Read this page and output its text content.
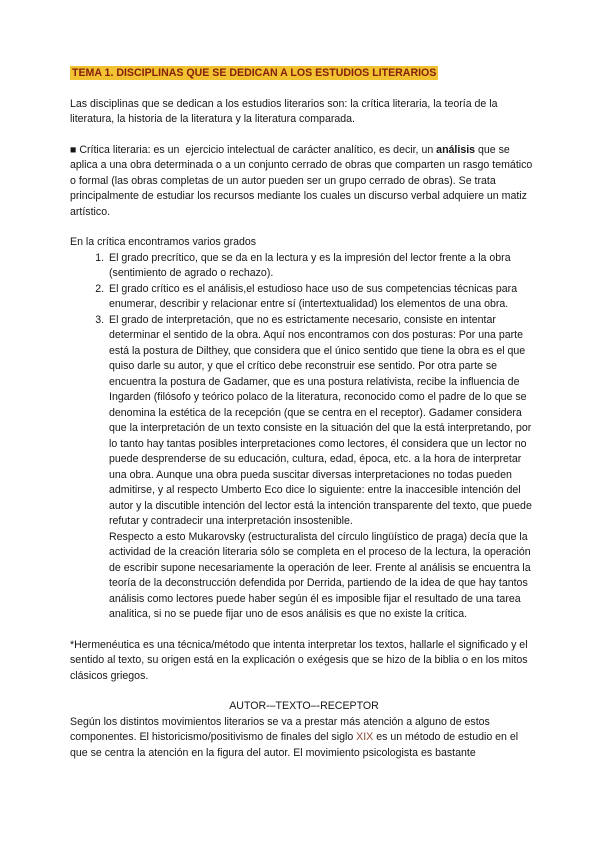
TEMA 1. DISCIPLINAS QUE SE DEDICAN A LOS ESTUDIOS LITERARIOS

Las disciplinas que se dedican a los estudios literarios son: la crítica literaria, la teoría de la literatura, la historia de la literatura y la literatura comparada.

■ Crítica literaria: es un  ejercicio intelectual de carácter analítico, es decir, un análisis que se aplica a una obra determinada o a un conjunto cerrado de obras que comparten un rasgo temático o formal (las obras completas de un autor pueden ser un grupo cerrado de obras). Se trata principalmente de estudiar los recursos mediante los cuales un discurso verbal adquiere un matiz artístico.

En la crítica encontramos varios grados

1. El grado precrítico, que se da en la lectura y es la impresión del lector frente a la obra (sentimiento de agrado o rechazo).

2. El grado crítico es el análisis,el estudioso hace uso de sus competencias técnicas para enumerar, describir y relacionar entre sí (intertextualidad) los elementos de una obra.

3. El grado de interpretación, que no es estrictamente necesario, consiste en intentar determinar el sentido de la obra. Aquí nos encontramos con dos posturas: Por una parte está la postura de Dilthey, que considera que el único sentido que tiene la obra es el que quiso darle su autor, y que el crítico debe reconstruir ese sentido. Por otra parte se encuentra la postura de Gadamer, que es una postura relativista, recibe la influencia de Ingarden (filósofo y teórico polaco de la literatura, reconocido como el padre de lo que se denomina la estética de la recepción (que se centra en el receptor). Gadamer considera que la interpretación de un texto consiste en la situación del que la está interpretando, por lo tanto hay tantas posibles interpretaciones como lectores, él considera que un lector no puede desprenderse de su educación, cultura, edad, época, etc. a la hora de interpretar una obra. Aunque una obra pueda suscitar diversas interpretaciones no todas pueden admitirse, y al respecto Umberto Eco dice lo siguiente: entre la inaccesible intención del autor y la discutible intención del lector está la intención transparente del texto, que puede refutar y contradecir una interpretación insostenible.

Respecto a esto Mukarovsky (estructuralista del círculo lingüístico de praga) decía que la actividad de la creación literaria sólo se completa en el proceso de la lectura, la operación de escribir supone necesariamente la operación de leer. Frente al análisis se encuentra la teoría de la deconstrucción defendida por Derrida, partiendo de la idea de que hay tantos análisis como lectores puede haber según él es imposible fijar el resultado de una tarea analitica, si no se puede fijar uno de esos análisis es que no existe la crítica.

*Hermenéutica es una técnica/método que intenta interpretar los textos, hallarle el significado y el sentido al texto, su origen está en la explicación o exégesis que se hizo de la biblia o en los mitos clásicos griegos.

AUTOR-–TEXTO–-RECEPTOR

Según los distintos movimientos literarios se va a prestar más atención a alguno de estos componentes. El historicismo/positivismo de finales del siglo XIX es un método de estudio en el  que se centra la atención en la figura del autor. El movimiento psicologista es bastante
